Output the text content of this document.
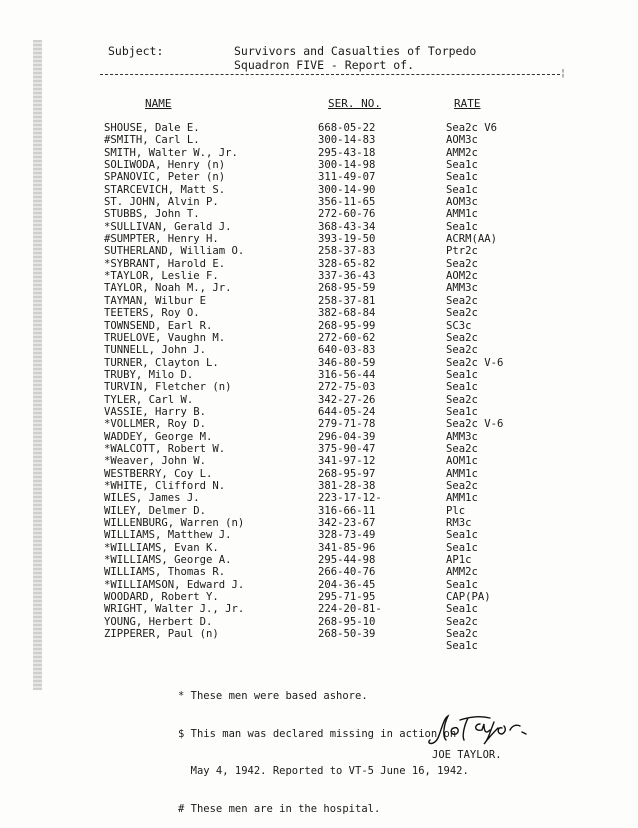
Subject:	Survivors and Casualties of Torpedo
Squadron FIVE - Report of.
¦
NAME	SER. NO.	RATE
SHOUSE, Dale E.	668-05-22	Sea2c V6
#SMITH, Carl L.	300-14-83	AOM3c
SMITH, Walter W., Jr.	295-43-18	AMM2c
SOLIWODA, Henry (n)	300-14-98	Sea1c
SPANOVIC, Peter (n)	311-49-07	Sea1c
STARCEVICH, Matt S.	300-14-90	Sea1c
ST. JOHN, Alvin P.	356-11-65	AOM3c
STUBBS, John T.	272-60-76	AMM1c
*SULLIVAN, Gerald J.	368-43-34	Sea1c
#SUMPTER, Henry H.	393-19-50	ACRM(AA)
SUTHERLAND, William O.	258-37-83	Ptr2c
*SYBRANT, Harold E.	328-65-82	Sea2c
*TAYLOR, Leslie F.	337-36-43	AOM2c
TAYLOR, Noah M., Jr.	268-95-59	AMM3c
TAYMAN, Wilbur E	258-37-81	Sea2c
TEETERS, Roy O.	382-68-84	Sea2c
TOWNSEND, Earl R.	268-95-99	SC3c
TRUELOVE, Vaughn M.	272-60-62	Sea2c
TUNNELL, John J.	640-03-83	Sea2c
TURNER, Clayton L.	346-80-59	Sea2c V-6
TRUBY, Milo D.	316-56-44	Sea1c
TURVIN, Fletcher (n)	272-75-03	Sea1c
TYLER, Carl W.	342-27-26	Sea2c
VASSIE, Harry B.	644-05-24	Sea1c
*VOLLMER, Roy D.	279-71-78	Sea2c V-6
WADDEY, George M.	296-04-39	AMM3c
*WALCOTT, Robert W.	375-90-47	Sea2c
*Weaver, John W.	341-97-12	AOM1c
WESTBERRY, Coy L.	268-95-97	AMM1c
*WHITE, Clifford N.	381-28-38	Sea2c
WILES, James J.	223-17-12-	AMM1c
WILEY, Delmer D.	316-66-11	Plc
WILLENBURG, Warren (n)	342-23-67	RM3c
WILLIAMS, Matthew J.	328-73-49	Sea1c
*WILLIAMS, Evan K.	341-85-96	Sea1c
*WILLIAMS, George A.	295-44-98	AP1c
WILLIAMS, Thomas R.	266-40-76	AMM2c
*WILLIAMSON, Edward J.	204-36-45	Sea1c
WOODARD, Robert Y.	295-71-95	CAP(PA)
WRIGHT, Walter J., Jr.	224-20-81-	Sea1c
YOUNG, Herbert D.	268-95-10	Sea2c
ZIPPERER, Paul (n)	268-50-39	Sea2c
Sea1c

* These men were based ashore.

$ This man was declared missing in action on

May 4, 1942. Reported to VT-5 June 16, 1942.

# These men are in the hospital.

JOE TAYLOR.
